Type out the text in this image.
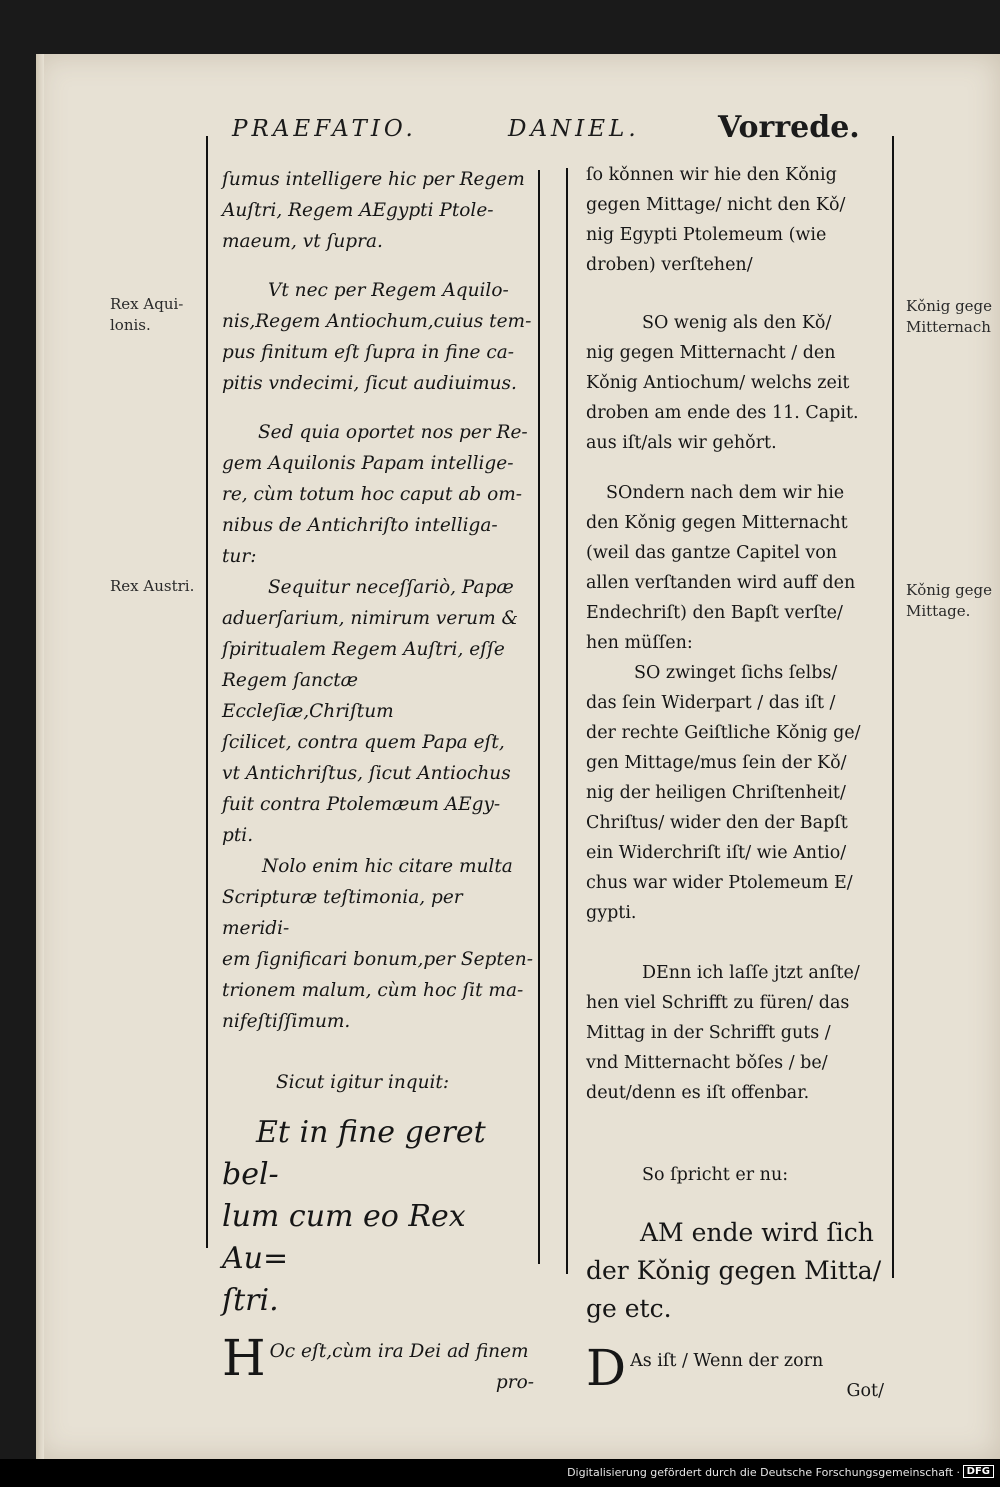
PRAEFATIO.	DANIEL.	Vorrede.
Rex Aqui-
lonis.
Rex Austri.
Kǒnig gege
Mitternach
Kǒnig gege
Mittage.

ſumus intelligere hic per Regem
Auſtri, Regem AEgypti Ptole-
maeum, vt ſupra.

Vt nec per Regem Aquilo-
nis,Regem Antiochum,cuius tem-
pus finitum eſt ſupra in fine ca-
pitis vndecimi, ſicut audiuimus.

Sed quia oportet nos per Re-
gem Aquilonis Papam intellige-
re, cùm totum hoc caput ab om-
nibus de Antichriſto intelliga-
tur:

Sequitur neceſſariò, Papæ
aduerſarium, nimirum verum &
ſpiritualem Regem Auſtri, eſſe
Regem ſanctæ Eccleſiæ,Chriſtum
ſcilicet, contra quem Papa eſt,
vt Antichriſtus, ſicut Antiochus
fuit contra Ptolemæum AEgy-
pti.

Nolo enim hic citare multa
Scripturæ teſtimonia, per meridi-
em ſignificari bonum,per Septen-
trionem malum, cùm hoc ſit ma-
nifeſtiſſimum.

Sicut igitur inquit:

Et in fine geret bel-
lum cum eo Rex Au=
ſtri.

H Oc eſt,cùm ira Dei ad finem

pro-

ſo kǒnnen wir hie den Kǒnig
gegen Mittage/ nicht den Kǒ/
nig Egypti Ptolemeum (wie
droben) verſtehen/

SO wenig als den Kǒ/
nig gegen Mitternacht / den
Kǒnig Antiochum/ welchs zeit
droben am ende des 11. Capit.
aus iſt/als wir gehǒrt.

SOndern nach dem wir hie
den Kǒnig gegen Mitternacht
(weil das gantze Capitel von
allen verſtanden wird auff den
Endechriſt) den Bapſt verſte/
hen müſſen:

SO zwinget ſichs ſelbs/
das ſein Widerpart / das iſt /
der rechte Geiſtliche Kǒnig ge/
gen Mittage/mus ſein der Kǒ/
nig der heiligen Chriſtenheit/
Chriſtus/ wider den der Bapſt
ein Widerchriſt iſt/ wie Antio/
chus war wider Ptolemeum E/
gypti.

DEnn ich laſſe jtzt anſte/
hen viel Schrifft zu füren/ das
Mittag in der Schrifft guts /
vnd Mitternacht bǒſes / be/
deut/denn es iſt offenbar.

So ſpricht er nu:

AM ende wird ſich
der Kǒnig gegen Mitta/
ge etc.

D As iſt / Wenn der zorn

Got/

Digitalisierung gefördert durch die Deutsche Forschungsgemeinschaft · DFG
